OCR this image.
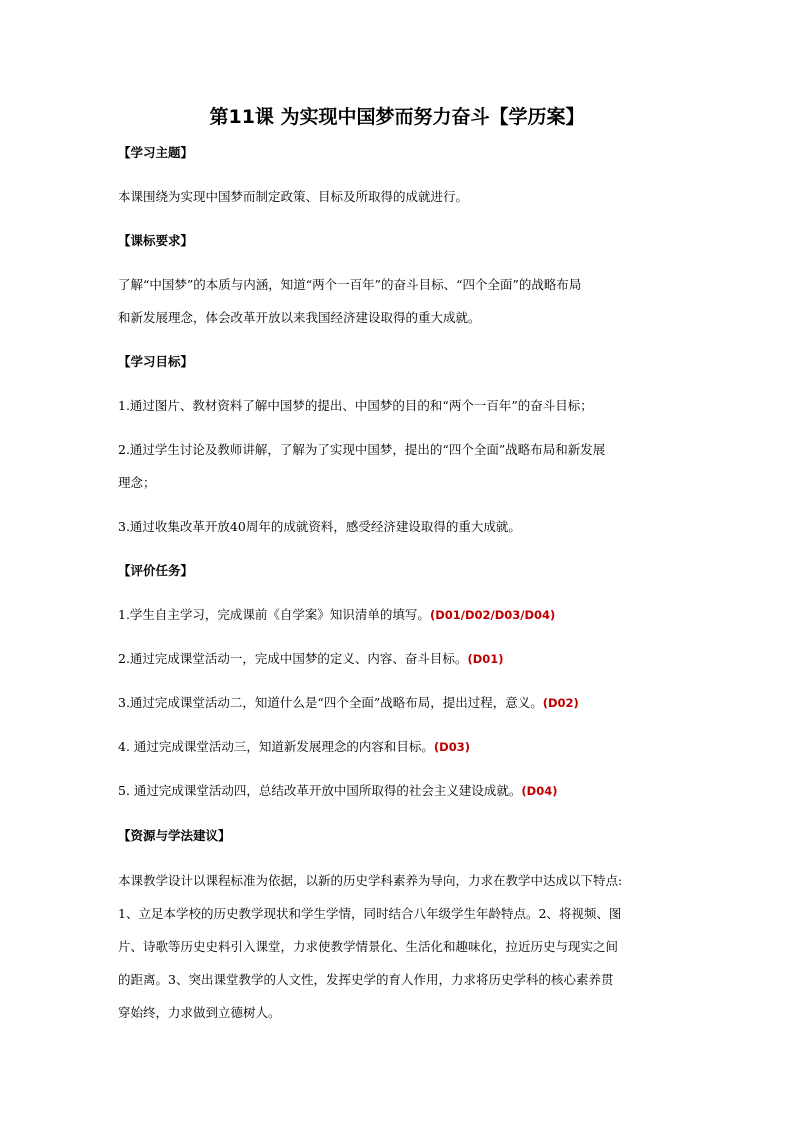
第11课 为实现中国梦而努力奋斗【学历案】
【学习主题】
本课围绕为实现中国梦而制定政策、目标及所取得的成就进行。
【课标要求】
了解“中国梦”的本质与内涵，知道“两个一百年”的奋斗目标、“四个全面”的战略布局
和新发展理念，体会改革开放以来我国经济建设取得的重大成就。
【学习目标】
1.通过图片、教材资料了解中国梦的提出、中国梦的目的和“两个一百年”的奋斗目标；
2.通过学生讨论及教师讲解，了解为了实现中国梦，提出的“四个全面”战略布局和新发展
理念；
3.通过收集改革开放40周年的成就资料，感受经济建设取得的重大成就。
【评价任务】
1.学生自主学习，完成课前《自学案》知识清单的填写。(D01/D02/D03/D04)
2.通过完成课堂活动一，完成中国梦的定义、内容、奋斗目标。(D01)
3.通过完成课堂活动二，知道什么是“四个全面”战略布局，提出过程，意义。(D02)
4. 通过完成课堂活动三，知道新发展理念的内容和目标。(D03)
5. 通过完成课堂活动四，总结改革开放中国所取得的社会主义建设成就。(D04)
【资源与学法建议】
本课教学设计以课程标准为依据，以新的历史学科素养为导向，力求在教学中达成以下特点:
1、立足本学校的历史教学现状和学生学情，同时结合八年级学生年龄特点。2、将视频、图
片、诗歌等历史史料引入课堂，力求使教学情景化、生活化和趣味化，拉近历史与现实之间
的距离。3、突出课堂教学的人文性，发挥史学的育人作用，力求将历史学科的核心素养贯
穿始终，力求做到立德树人。
